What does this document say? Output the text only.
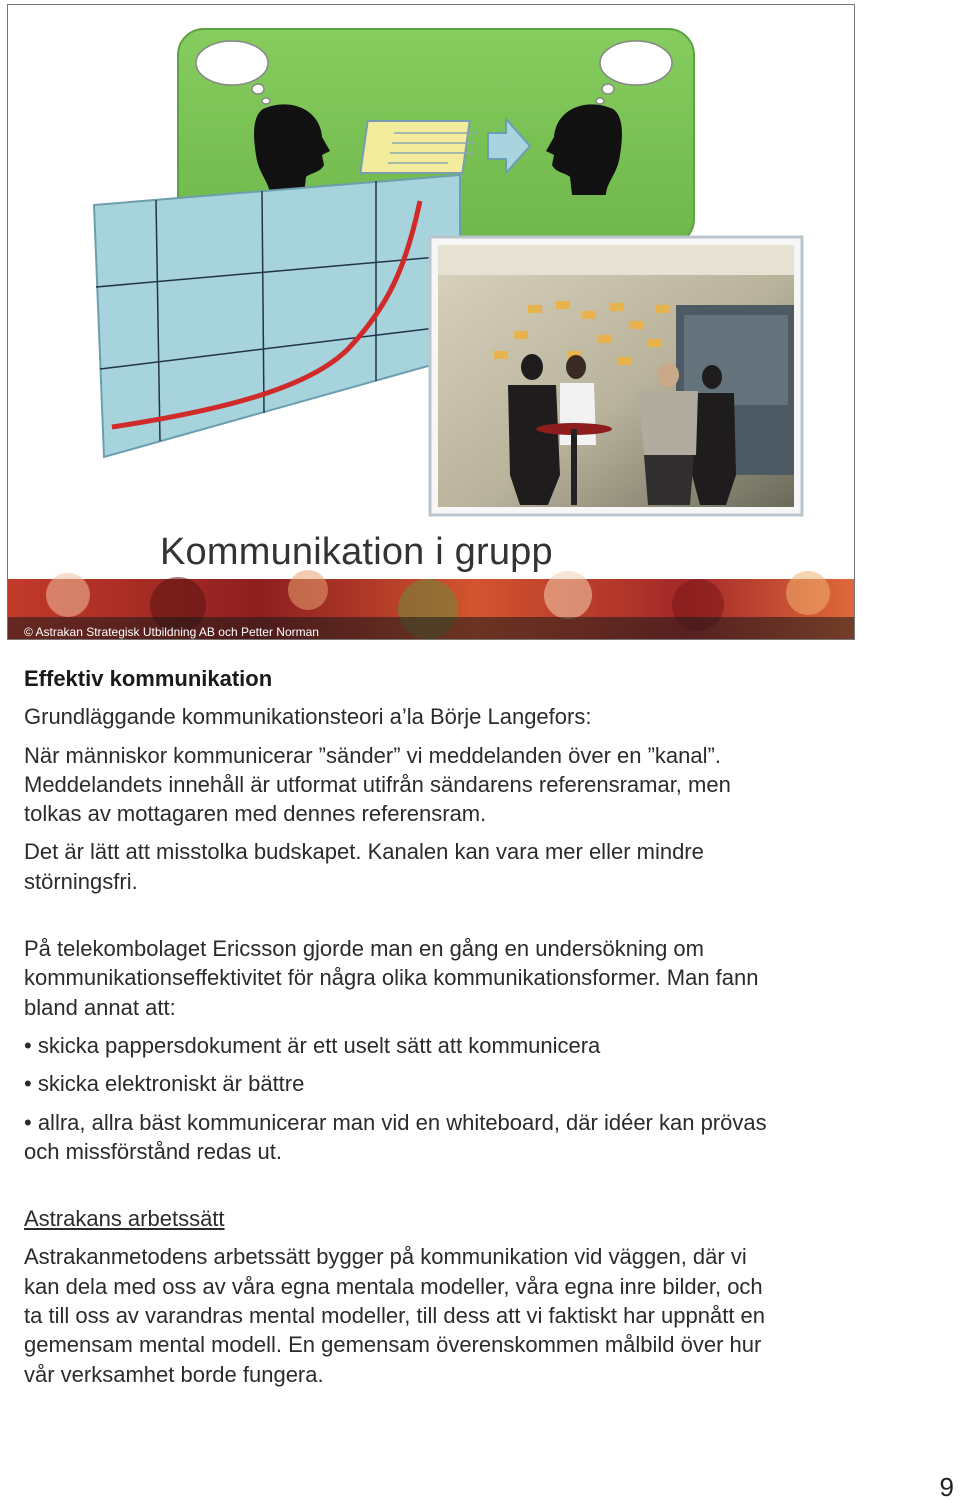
Kommunikation i grupp
© Astrakan Strategisk Utbildning AB och Petter Norman

Effektiv kommunikation

Grundläggande kommunikationsteori a’la Börje Langefors:

När människor kommunicerar ”sänder” vi meddelanden över en ”kanal”.

Meddelandets innehåll är utformat utifrån sändarens referensramar, men

tolkas av mottagaren med dennes referensram.

Det är lätt att misstolka budskapet. Kanalen kan vara mer eller mindre

störningsfri.

På telekombolaget Ericsson gjorde man en gång en undersökning om

kommunikationseffektivitet för några olika kommunikationsformer. Man fann

bland annat att:

• skicka pappersdokument är ett uselt sätt att kommunicera

• skicka elektroniskt är bättre

• allra, allra bäst kommunicerar man vid en whiteboard, där idéer kan prövas

och missförstånd redas ut.

Astrakans arbetssätt

Astrakanmetodens arbetssätt bygger på kommunikation vid väggen, där vi

kan dela med oss av våra egna mentala modeller, våra egna inre bilder, och

ta till oss av varandras mental modeller, till dess att vi faktiskt har uppnått en

gemensam mental modell. En gemensam överenskommen målbild över hur

vår verksamhet borde fungera.

9
